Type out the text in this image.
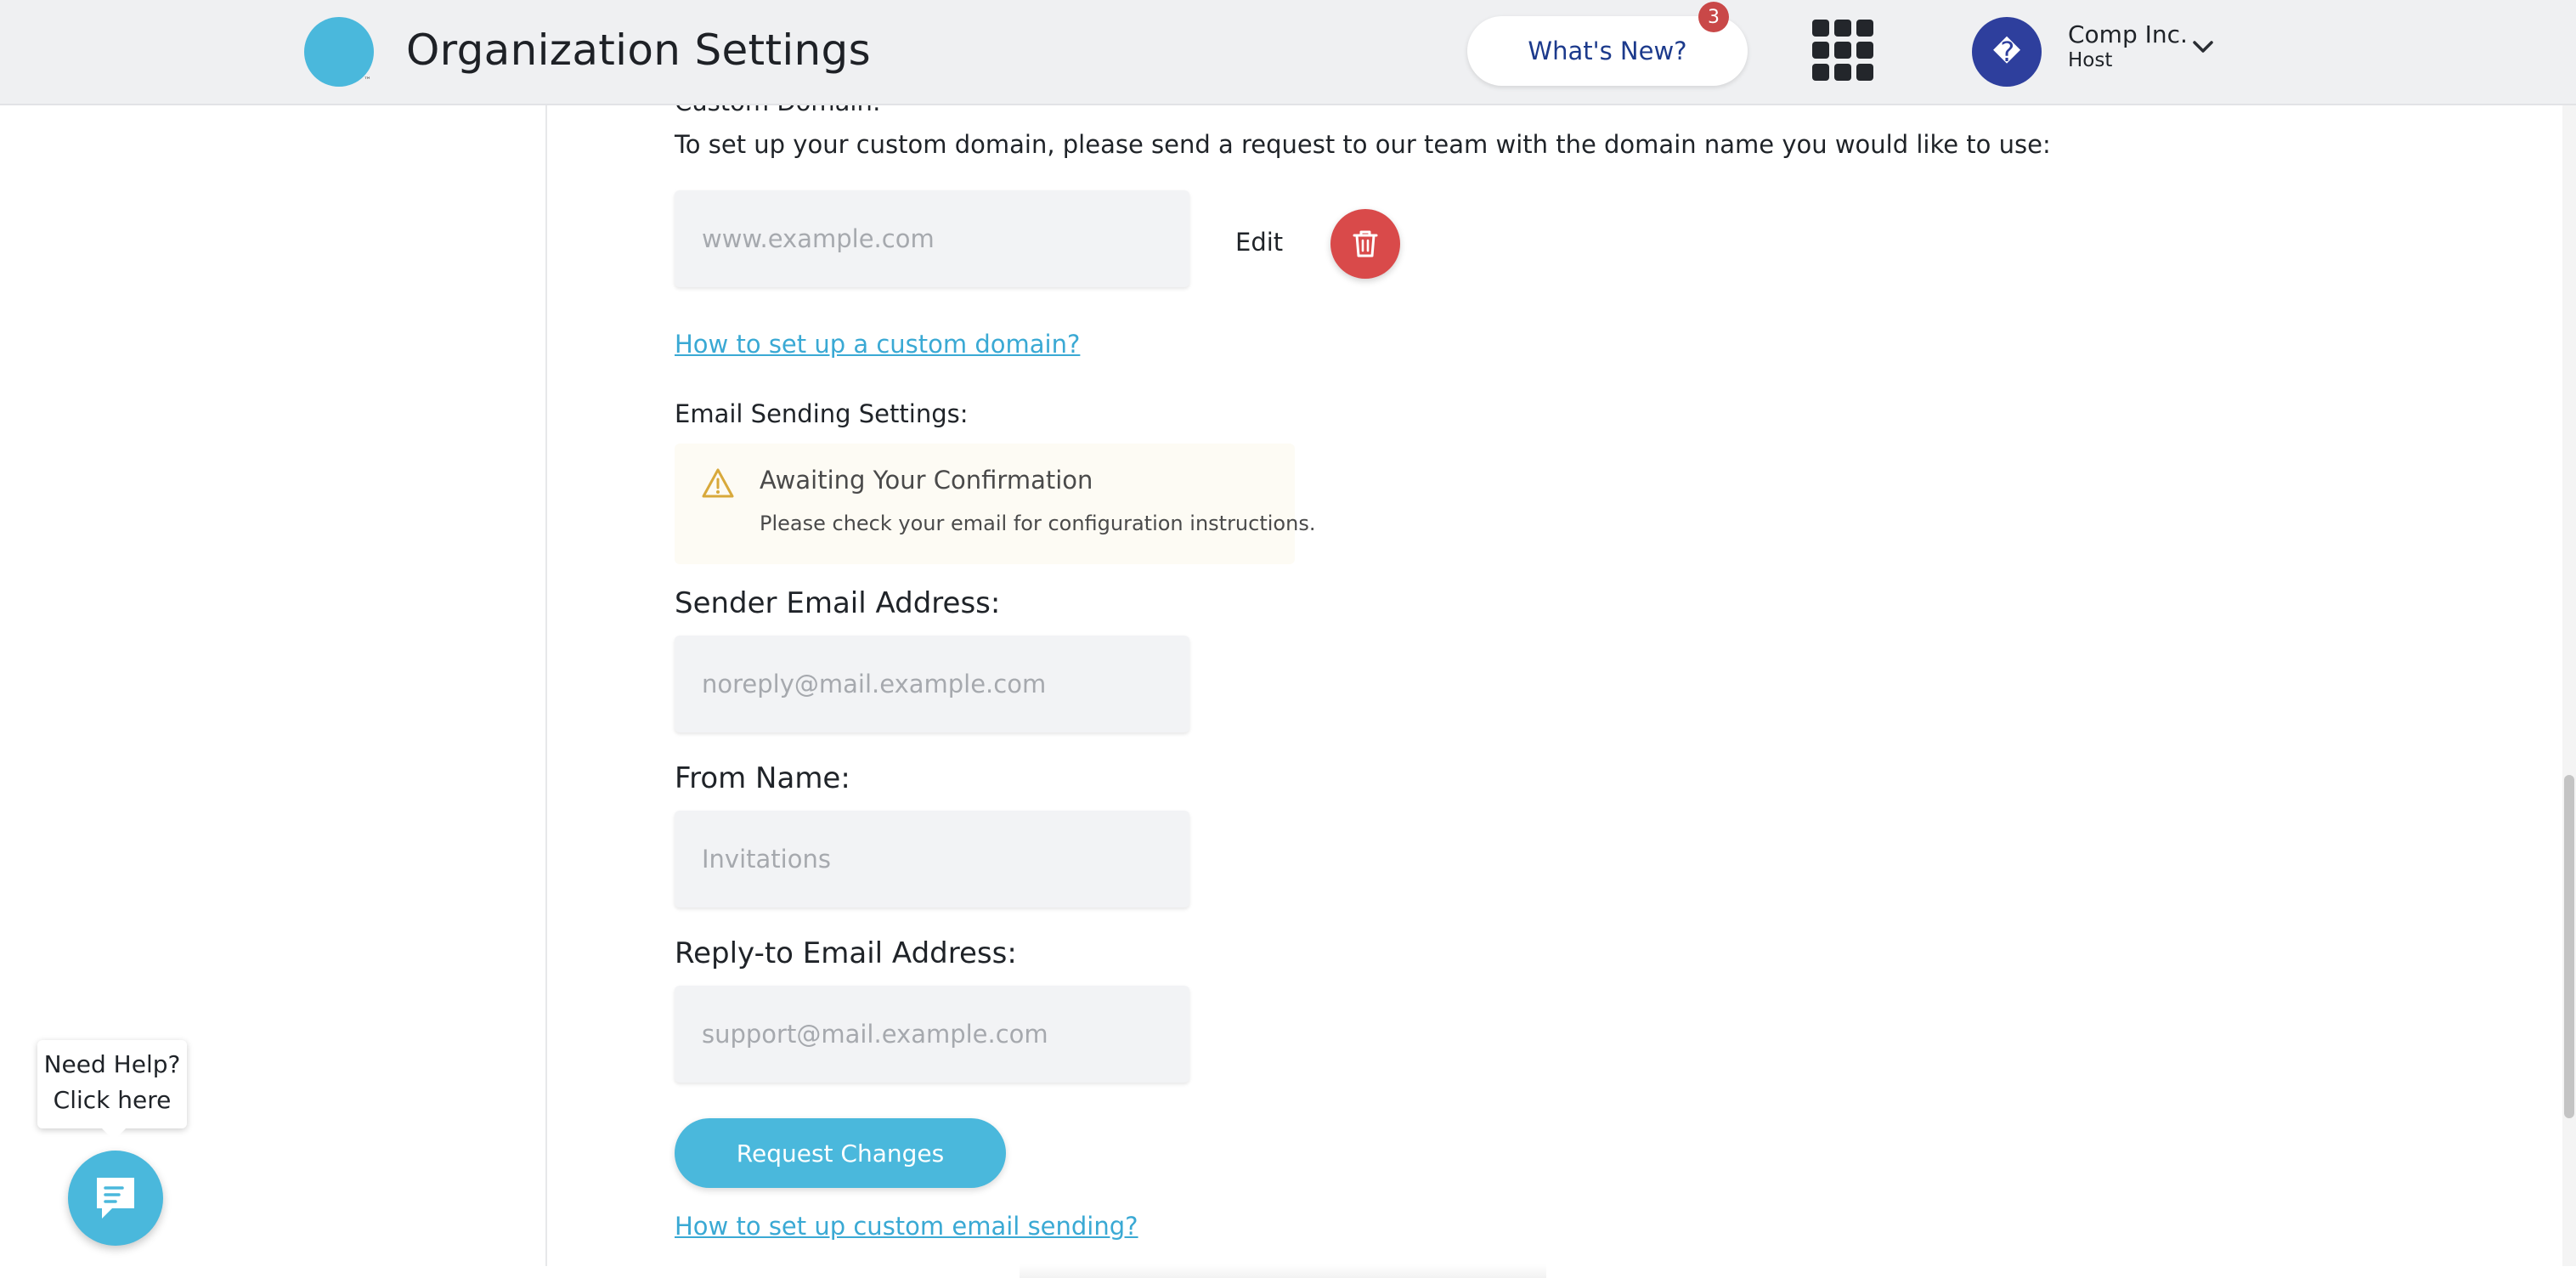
™
Organization Settings	What's New?
3
�
Comp Inc.
Host
To set up your custom domain, please send a request to our team with the domain name you would like to use:
www.example.com
Edit
How to set up a custom domain?
Email Sending Settings:
Awaiting Your Confirmation
Please check your email for configuration instructions.
Sender Email Address:
noreply@mail.example.com
From Name:
Invitations
Reply-to Email Address:
support@mail.example.com
Request Changes
How to set up custom email sending?
Need Help?
Click here
